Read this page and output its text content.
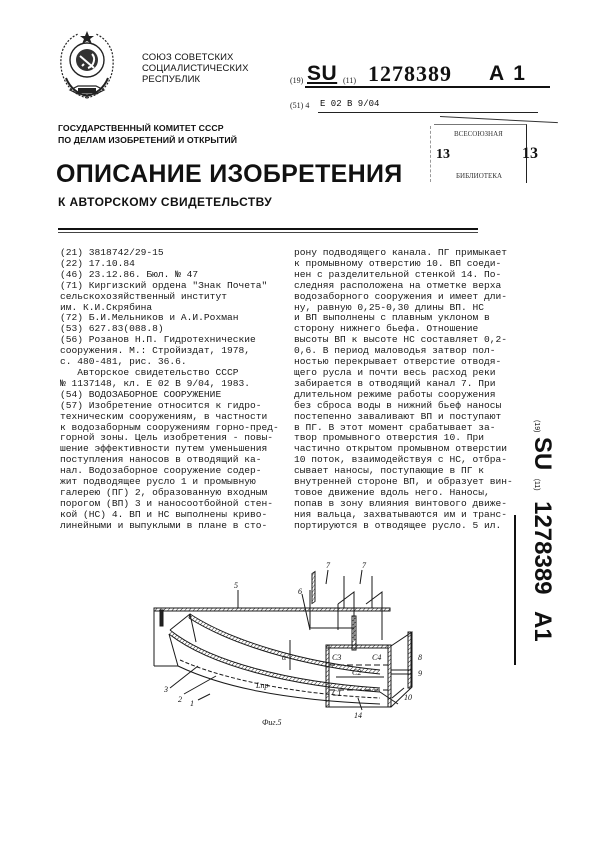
СОЮЗ СОВЕТСКИХ
СОЦИАЛИСТИЧЕСКИХ
РЕСПУБЛИК	(19) SU (11) 1278389 A 1
(51) 4 E 02 B 9/04
ГОСУДАРСТВЕННЫЙ КОМИТЕТ СССР
ПО ДЕЛАМ ИЗОБРЕТЕНИЙ И ОТКРЫТИЙ
ОПИСАНИЕ ИЗОБРЕТЕНИЯ
К АВТОРСКОМУ СВИДЕТЕЛЬСТВУ
ВСЕСОЮЗНАЯ
13	13
БИБЛИОТЕКА
(21) 3818742/29-15
(22) 17.10.84
(46) 23.12.86. Бюл. № 47
(71) Киргизский ордена "Знак Почета"
сельскохозяйственный институт
им. К.И.Скрябина
(72) Б.И.Мельников и А.И.Рохман
(53) 627.83(088.8)
(56) Розанов Н.П. Гидротехнические
сооружения. М.: Стройиздат, 1978,
с. 480-481, рис. 36.6.
Авторское свидетельство СССР
№ 1137148, кл. E 02 B 9/04, 1983.
(54) ВОДОЗАБОРНОЕ СООРУЖЕНИЕ
(57) Изобретение относится к гидро-
техническим сооружениям, в частности
к водозаборным сооружениям горно-пред-
горной зоны. Цель изобретения - повы-
шение эффективности путем уменьшения
поступления наносов в отводящий ка-
нал. Водозаборное сооружение содер-
жит подводящее русло 1 и промывную
галерею (ПГ) 2, образованную входным
порогом (ВП) 3 и наносоотбойной стен-
кой (НС) 4. ВП и НС выполнены криво-
линейными и выпуклыми в плане в сто-
рону подводящего канала. ПГ примыкает
к промывному отверстию 10. ВП соеди-
нен с разделительной стенкой 14. По-
следняя расположена на отметке верха
водозаборного сооружения и имеет дли-
ну, равную 0,25-0,30 длины ВП. НС
и ВП выполнены с плавным уклоном в
сторону нижнего бьефа. Отношение
высоты ВП к высоте НС составляет 0,2-
0,6. В период маловодья затвор пол-
ностью перекрывает отверстие отводя-
щего русла и почти весь расход реки
забирается в отводящий канал 7. При
длительном режиме работы сооружения
без сброса воды в нижний бьеф наносы
постепенно заваливают ВП и поступают
в ПГ. В этот момент срабатывает за-
твор промывного отверстия 10. При
частично открытом промывном отверстии
10 поток, взаимодействуя с НС, отбра-
сывает наносы, поступающие в ПГ к
внутренней стороне ВП, и образует вин-
товое движение вдоль него. Наносы,
попав в зону влияния винтового движе-
ния вальца, захватываются им и транс-
портируются в отводящее русло. 5 ил.
(19) SU (11) 1278389 A1
5
6
7	7
8
9
10
14
1
2
3	C1
C2
C3	C4
Lпр
α
Фиг.5
